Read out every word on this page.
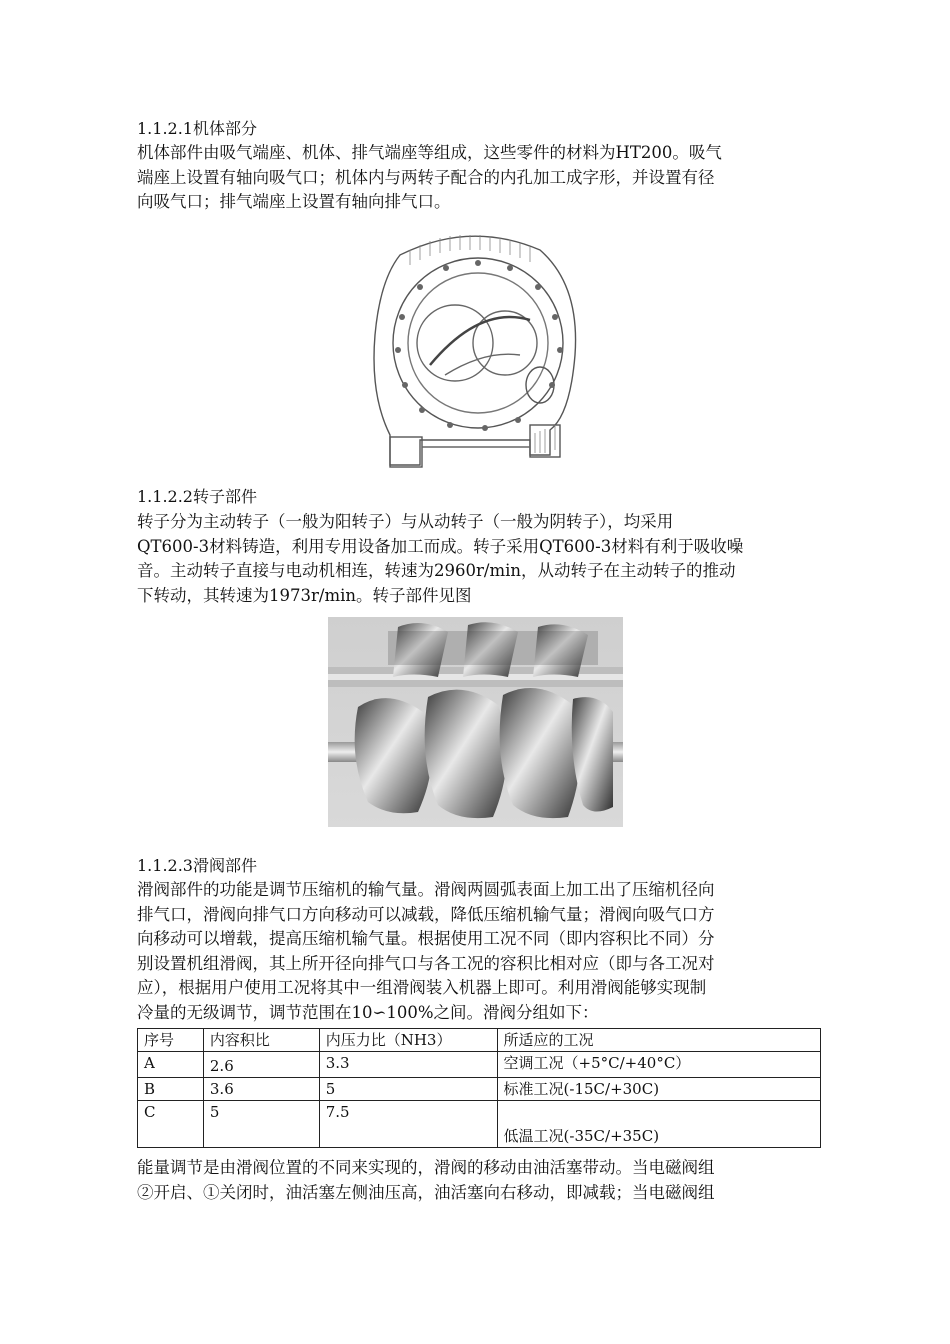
1.1.2.1机体部分
机体部件由吸气端座、机体、排气端座等组成，这些零件的材料为HT200。吸气
端座上设置有轴向吸气口；机体内与两转子配合的内孔加工成字形，并设置有径
向吸气口；排气端座上设置有轴向排气口。
1.1.2.2转子部件
转子分为主动转子（一般为阳转子）与从动转子（一般为阴转子），均采用
QT600-3材料铸造，利用专用设备加工而成。转子采用QT600-3材料有利于吸收噪
音。主动转子直接与电动机相连，转速为2960r/min，从动转子在主动转子的推动
下转动，其转速为1973r/min。转子部件见图
1.1.2.3滑阀部件
滑阀部件的功能是调节压缩机的输气量。滑阀两圆弧表面上加工出了压缩机径向
排气口，滑阀向排气口方向移动可以减载，降低压缩机输气量；滑阀向吸气口方
向移动可以增载，提高压缩机输气量。根据使用工况不同（即内容积比不同）分
别设置机组滑阀，其上所开径向排气口与各工况的容积比相对应（即与各工况对
应），根据用户使用工况将其中一组滑阀装入机器上即可。利用滑阀能够实现制
冷量的无级调节，调节范围在10∽100%之间。滑阀分组如下：
序号	内容积比	内压力比（NH3）	所适应的工况
A	2.6	3.3	空调工况（+5°C/+40°C）
B	3.6	5	标准工况(-15C/+30C)
C	5	7.5	低温工况(-35C/+35C)
能量调节是由滑阀位置的不同来实现的，滑阀的移动由油活塞带动。当电磁阀组
②开启、①关闭时，油活塞左侧油压高，油活塞向右移动，即减载；当电磁阀组
